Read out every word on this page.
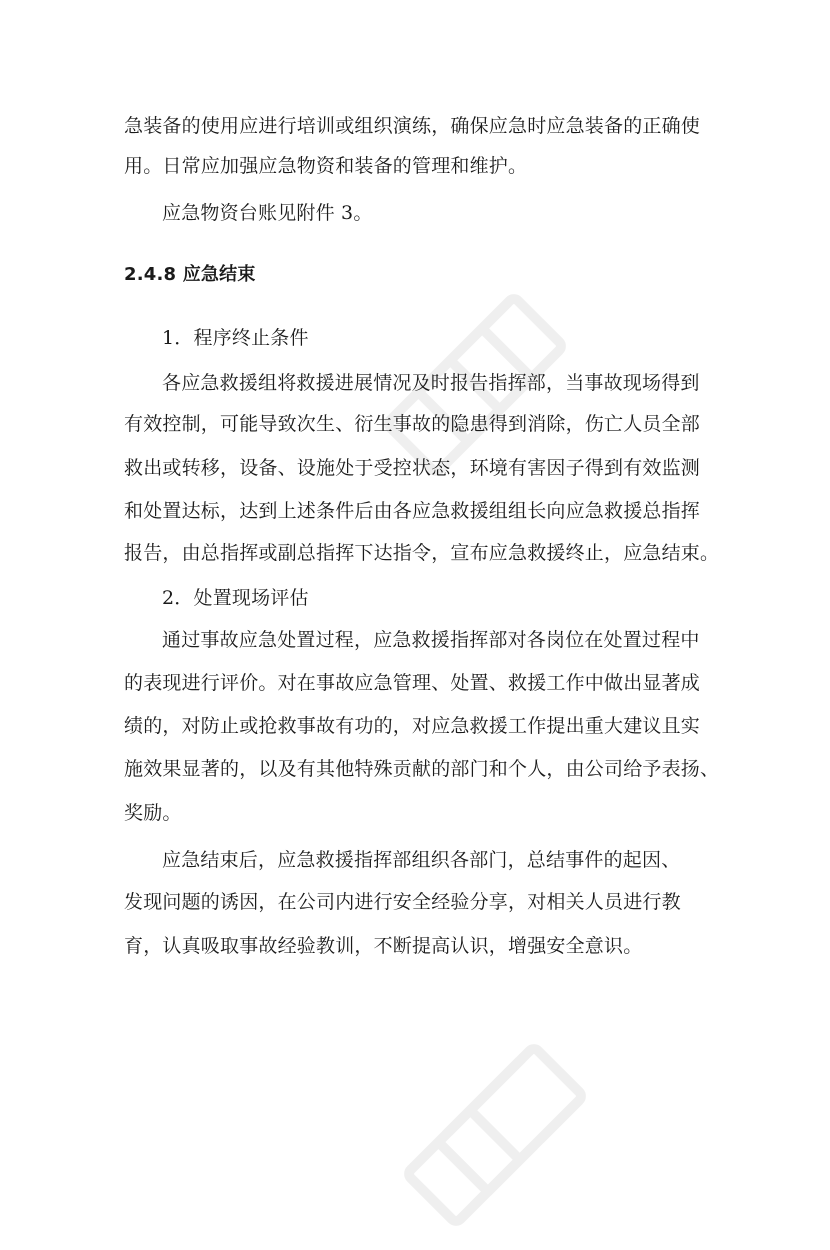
急装备的使用应进行培训或组织演练，确保应急时应急装备的正确使
用。日常应加强应急物资和装备的管理和维护。
应急物资台账见附件 3。
2.4.8 应急结束
1．程序终止条件
各应急救援组将救援进展情况及时报告指挥部，当事故现场得到
有效控制，可能导致次生、衍生事故的隐患得到消除，伤亡人员全部
救出或转移，设备、设施处于受控状态，环境有害因子得到有效监测
和处置达标，达到上述条件后由各应急救援组组长向应急救援总指挥
报告，由总指挥或副总指挥下达指令，宣布应急救援终止，应急结束。
2．处置现场评估
通过事故应急处置过程，应急救援指挥部对各岗位在处置过程中
的表现进行评价。对在事故应急管理、处置、救援工作中做出显著成
绩的，对防止或抢救事故有功的，对应急救援工作提出重大建议且实
施效果显著的，以及有其他特殊贡献的部门和个人，由公司给予表扬、
奖励。
应急结束后，应急救援指挥部组织各部门，总结事件的起因、
发现问题的诱因，在公司内进行安全经验分享，对相关人员进行教
育，认真吸取事故经验教训，不断提高认识，增强安全意识。
